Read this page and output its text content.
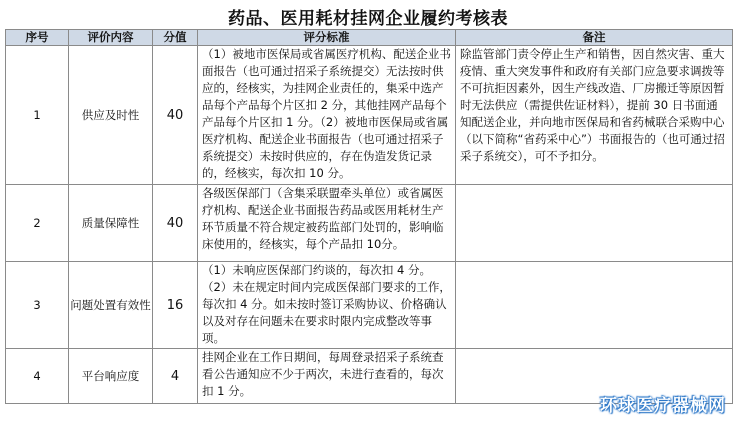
药品、医用耗材挂网企业履约考核表
序号	评价内容	分值	评分标准	备注
1	供应及时性	40	（1）被地市医保局或省属医疗机构、配送企业书面报告（也可通过招采子系统提交）无法按时供应的，经核实，为挂网企业责任的，集采中选产品每个产品每个片区扣 2 分，其他挂网产品每个产品每个片区扣 1 分。（2）被地市医保局或省属医疗机构、配送企业书面报告（也可通过招采子系统提交）未按时供应的，存在伪造发货记录的，经核实，每次扣 10 分。	除监管部门责令停止生产和销售，因自然灾害、重大疫情、重大突发事件和政府有关部门应急要求调拨等不可抗拒因素外，因生产线改造、厂房搬迁等原因暂时无法供应（需提供佐证材料），提前 30 日书面通知配送企业，并向地市医保局和省药械联合采购中心（以下简称“省药采中心”）书面报告的（也可通过招采子系统交），可不予扣分。
2	质量保障性	40	各级医保部门（含集采联盟牵头单位）或省属医疗机构、配送企业书面报告药品或医用耗材生产环节质量不符合规定被药监部门处罚的，影响临床使用的，经核实，每个产品扣 10分。	
3	问题处置有效性	16	（1）未响应医保部门约谈的，每次扣 4 分。
（2）未在规定时间内完成医保部门要求的工作，每次扣 4 分。如未按时签订采购协议、价格确认以及对存在问题未在要求时限内完成整改等事项。	
4	平台响应度	4	挂网企业在工作日期间，每周登录招采子系统查看公告通知应不少于两次，未进行查看的，每次扣 1 分。	
环球医疗器械网
